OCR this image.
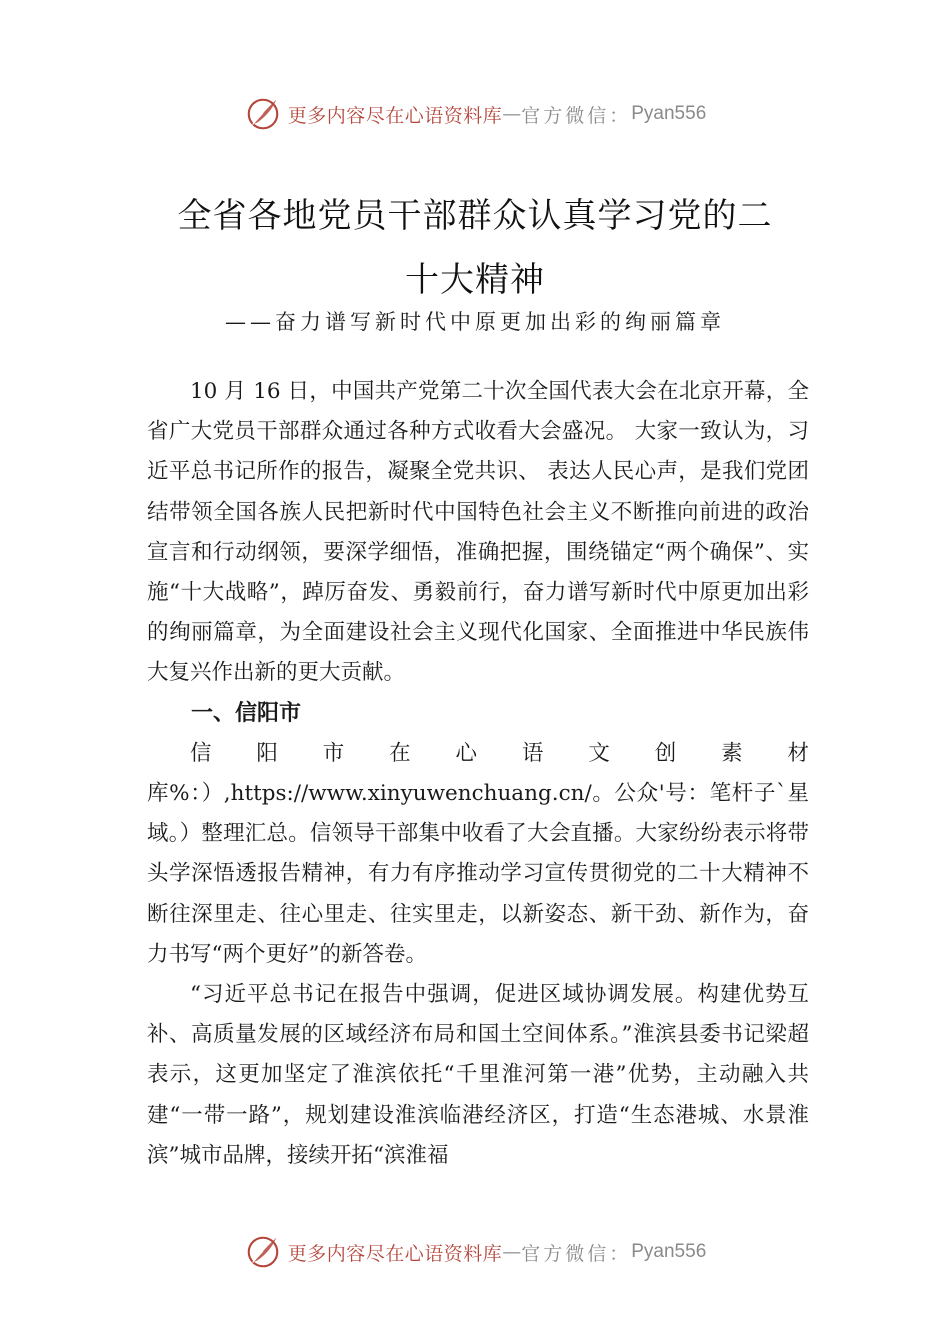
更多内容尽在心语资料库 — 官方微信： Pyan556
全省各地党员干部群众认真学习党的二
十大精神
——奋力谱写新时代中原更加出彩的绚丽篇章

10 月 16 日，中国共产党第二十次全国代表大会在北京开幕，全省广大党员干部群众通过各种方式收看大会盛况。 大家一致认为，习近平总书记所作的报告，凝聚全党共识、 表达人民心声，是我们党团结带领全国各族人民把新时代中国特色社会主义不断推向前进的政治宣言和行动纲领，要深学细悟，准确把握，围绕锚定“两个确保”、实施“十大战略”，踔厉奋发、勇毅前行，奋力谱写新时代中原更加出彩的绚丽篇章，为全面建设社会主义现代化国家、全面推进中华民族伟大复兴作出新的更大贡献。

一、信阳市

信阳市在心语文创素材库%：）,https://www.xinyuwenchuang.cn/。公众'号：笔杆子`星域。）整理汇总。信领导干部集中收看了大会直播。大家纷纷表示将带头学深悟透报告精神，有力有序推动学习宣传贯彻党的二十大精神不断往深里走、往心里走、往实里走，以新姿态、新干劲、新作为，奋力书写“两个更好”的新答卷。

“习近平总书记在报告中强调，促进区域协调发展。构建优势互补、高质量发展的区域经济布局和国土空间体系。”淮滨县委书记梁超表示，这更加坚定了淮滨依托“千里淮河第一港”优势，主动融入共建“一带一路”，规划建设淮滨临港经济区，打造“生态港城、水景淮滨”城市品牌，接续开拓“滨淮福

更多内容尽在心语资料库 — 官方微信： Pyan556
